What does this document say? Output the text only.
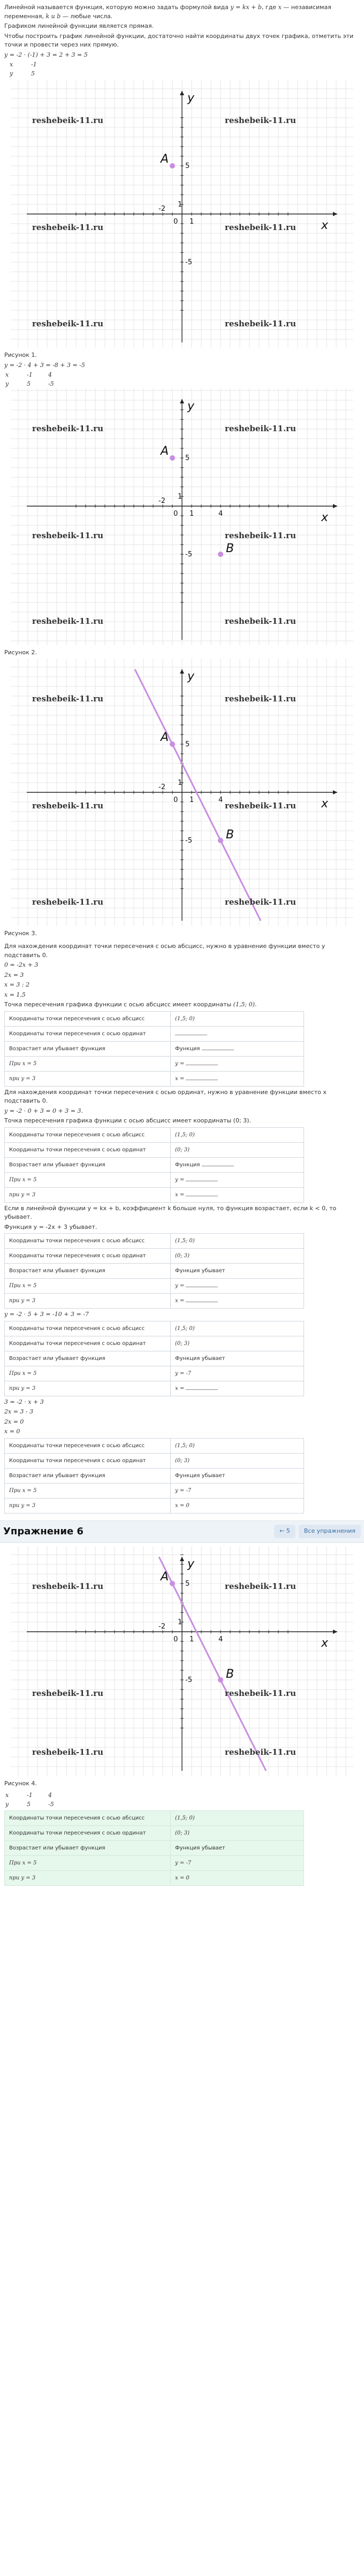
Линейной называется функция, которую можно задать формулой вида y = kx + b, где x — независимая переменная, k и b — любые числа.

Графиком линейной функции является прямая.

Чтобы построить график линейной функции, достаточно найти координаты двух точек графика, отметить эти точки и провести через них прямую.

y = -2 · (-1) + 3 = 2 + 3 = 5

x	-1
y	5
x
y
0
5
-5
1
1
-2
A
reshebeik-11.ru	reshebeik-11.ru
reshebeik-11.ru	reshebeik-11.ru
reshebeik-11.ru	reshebeik-11.ru

Рисунок 1.

y = -2 · 4 + 3 = -8 + 3 = -5

x	-1	4
y	5	-5
x
y
0
5
-5
1
1
-2
A
B
4
reshebeik-11.ru	reshebeik-11.ru
reshebeik-11.ru	reshebeik-11.ru
reshebeik-11.ru	reshebeik-11.ru

Рисунок 2.

x
y
0
5
-5
1
1
-2
A
B
4
reshebeik-11.ru	reshebeik-11.ru
reshebeik-11.ru	reshebeik-11.ru
reshebeik-11.ru	reshebeik-11.ru

Рисунок 3.

Для нахождения координат точки пересечения с осью абсцисс, нужно в уравнение функции вместо y подставить 0.

0 = -2x + 3

2x = 3

x = 3 : 2

x = 1,5

Точка пересечения графика функции с осью абсцисс имеет координаты (1,5; 0).

Координаты точки пересечения с осью абсцисс	(1,5; 0)
Координаты точки пересечения с осью ординат	
Возрастает или убывает функция	Функция
При x = 5	y =
при y = 3	x =

Для нахождения координат точки пересечения с осью ординат, нужно в уравнение функции вместо x подставить 0.

y = -2 · 0 + 3 = 0 + 3 = 3.

Точка пересечения графика функции с осью абсцисс имеет координаты (0; 3).

Координаты точки пересечения с осью абсцисс	(1,5; 0)
Координаты точки пересечения с осью ординат	(0; 3)
Возрастает или убывает функция	Функция
При x = 5	y =
при y = 3	x =

Если в линейной функции y = kx + b, коэффициент k больше нуля, то функция возрастает, если k < 0, то убывает.

Функция y = -2x + 3 убывает.

Координаты точки пересечения с осью абсцисс	(1,5; 0)
Координаты точки пересечения с осью ординат	(0; 3)
Возрастает или убывает функция	Функция убывает
При x = 5	y =
при y = 3	x =

y = -2 · 5 + 3 = -10 + 3 = -7

Координаты точки пересечения с осью абсцисс	(1,5; 0)
Координаты точки пересечения с осью ординат	(0; 3)
Возрастает или убывает функция	Функция убывает
При x = 5	y = -7
при y = 3	x =

3 = -2 · x + 3

2x = 3 - 3

2x = 0

x = 0

Координаты точки пересечения с осью абсцисс	(1,5; 0)
Координаты точки пересечения с осью ординат	(0; 3)
Возрастает или убывает функция	Функция убывает
При x = 5	y = -7
при y = 3	x = 0
Упражнение 6	← 5	Все упражнения
x
y
0
5
-5
1
1
-2
A
B
4
reshebeik-11.ru	reshebeik-11.ru
reshebeik-11.ru	reshebeik-11.ru
reshebeik-11.ru	reshebeik-11.ru

Рисунок 4.

x	-1	4
y	5	-5
Координаты точки пересечения с осью абсцисс	(1,5; 0)
Координаты точки пересечения с осью ординат	(0; 3)
Возрастает или убывает функция	Функция убывает
При x = 5	y = -7
при y = 3	x = 0
